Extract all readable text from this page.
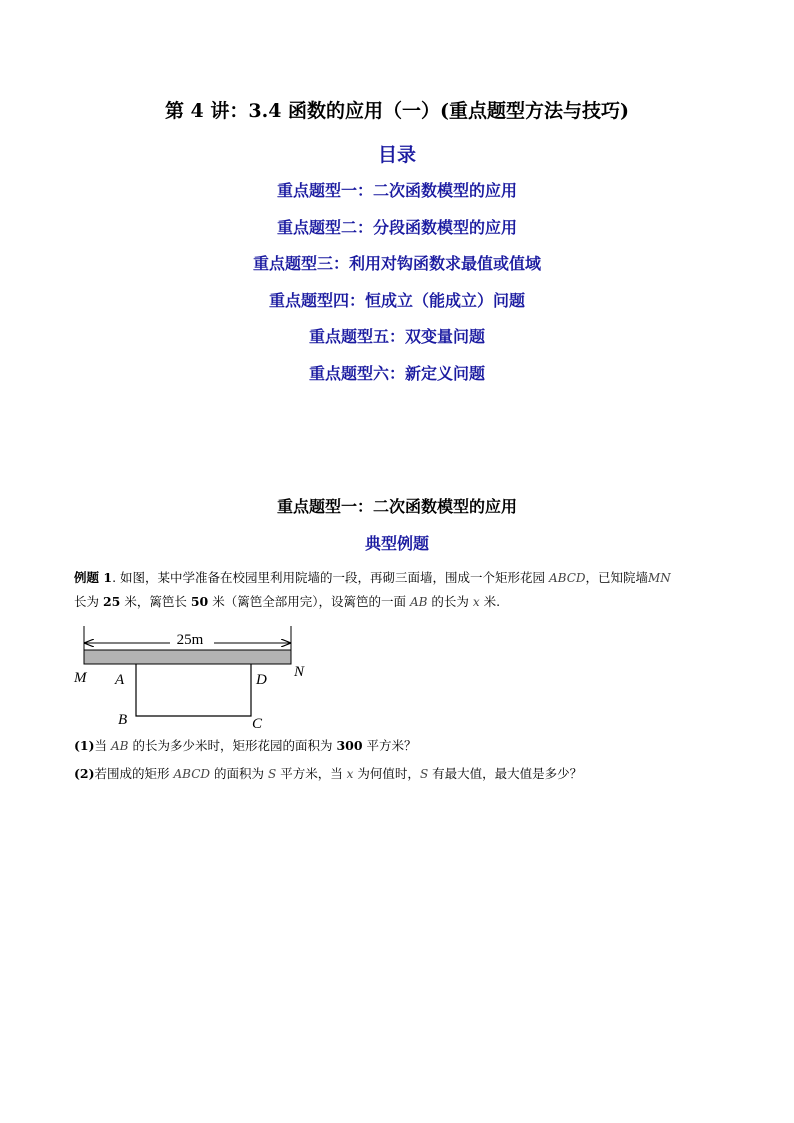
第 4 讲：3.4 函数的应用（一）(重点题型方法与技巧)
目录
重点题型一：二次函数模型的应用
重点题型二：分段函数模型的应用
重点题型三：利用对钩函数求最值或值域
重点题型四：恒成立（能成立）问题
重点题型五：双变量问题
重点题型六：新定义问题
重点题型一：二次函数模型的应用
典型例题
例题 1. 如图，某中学准备在校园里利用院墙的一段，再砌三面墙，围成一个矩形花园 ABCD，已知院墙MN
长为 25 米，篱笆长 50 米（篱笆全部用完），设篱笆的一面 AB 的长为 x 米.
25m
M	N
A	D
B	C
(1)当 AB 的长为多少米时，矩形花园的面积为 300 平方米？
(2)若围成的矩形 ABCD 的面积为 S 平方米，当 x 为何值时，S 有最大值，最大值是多少？
